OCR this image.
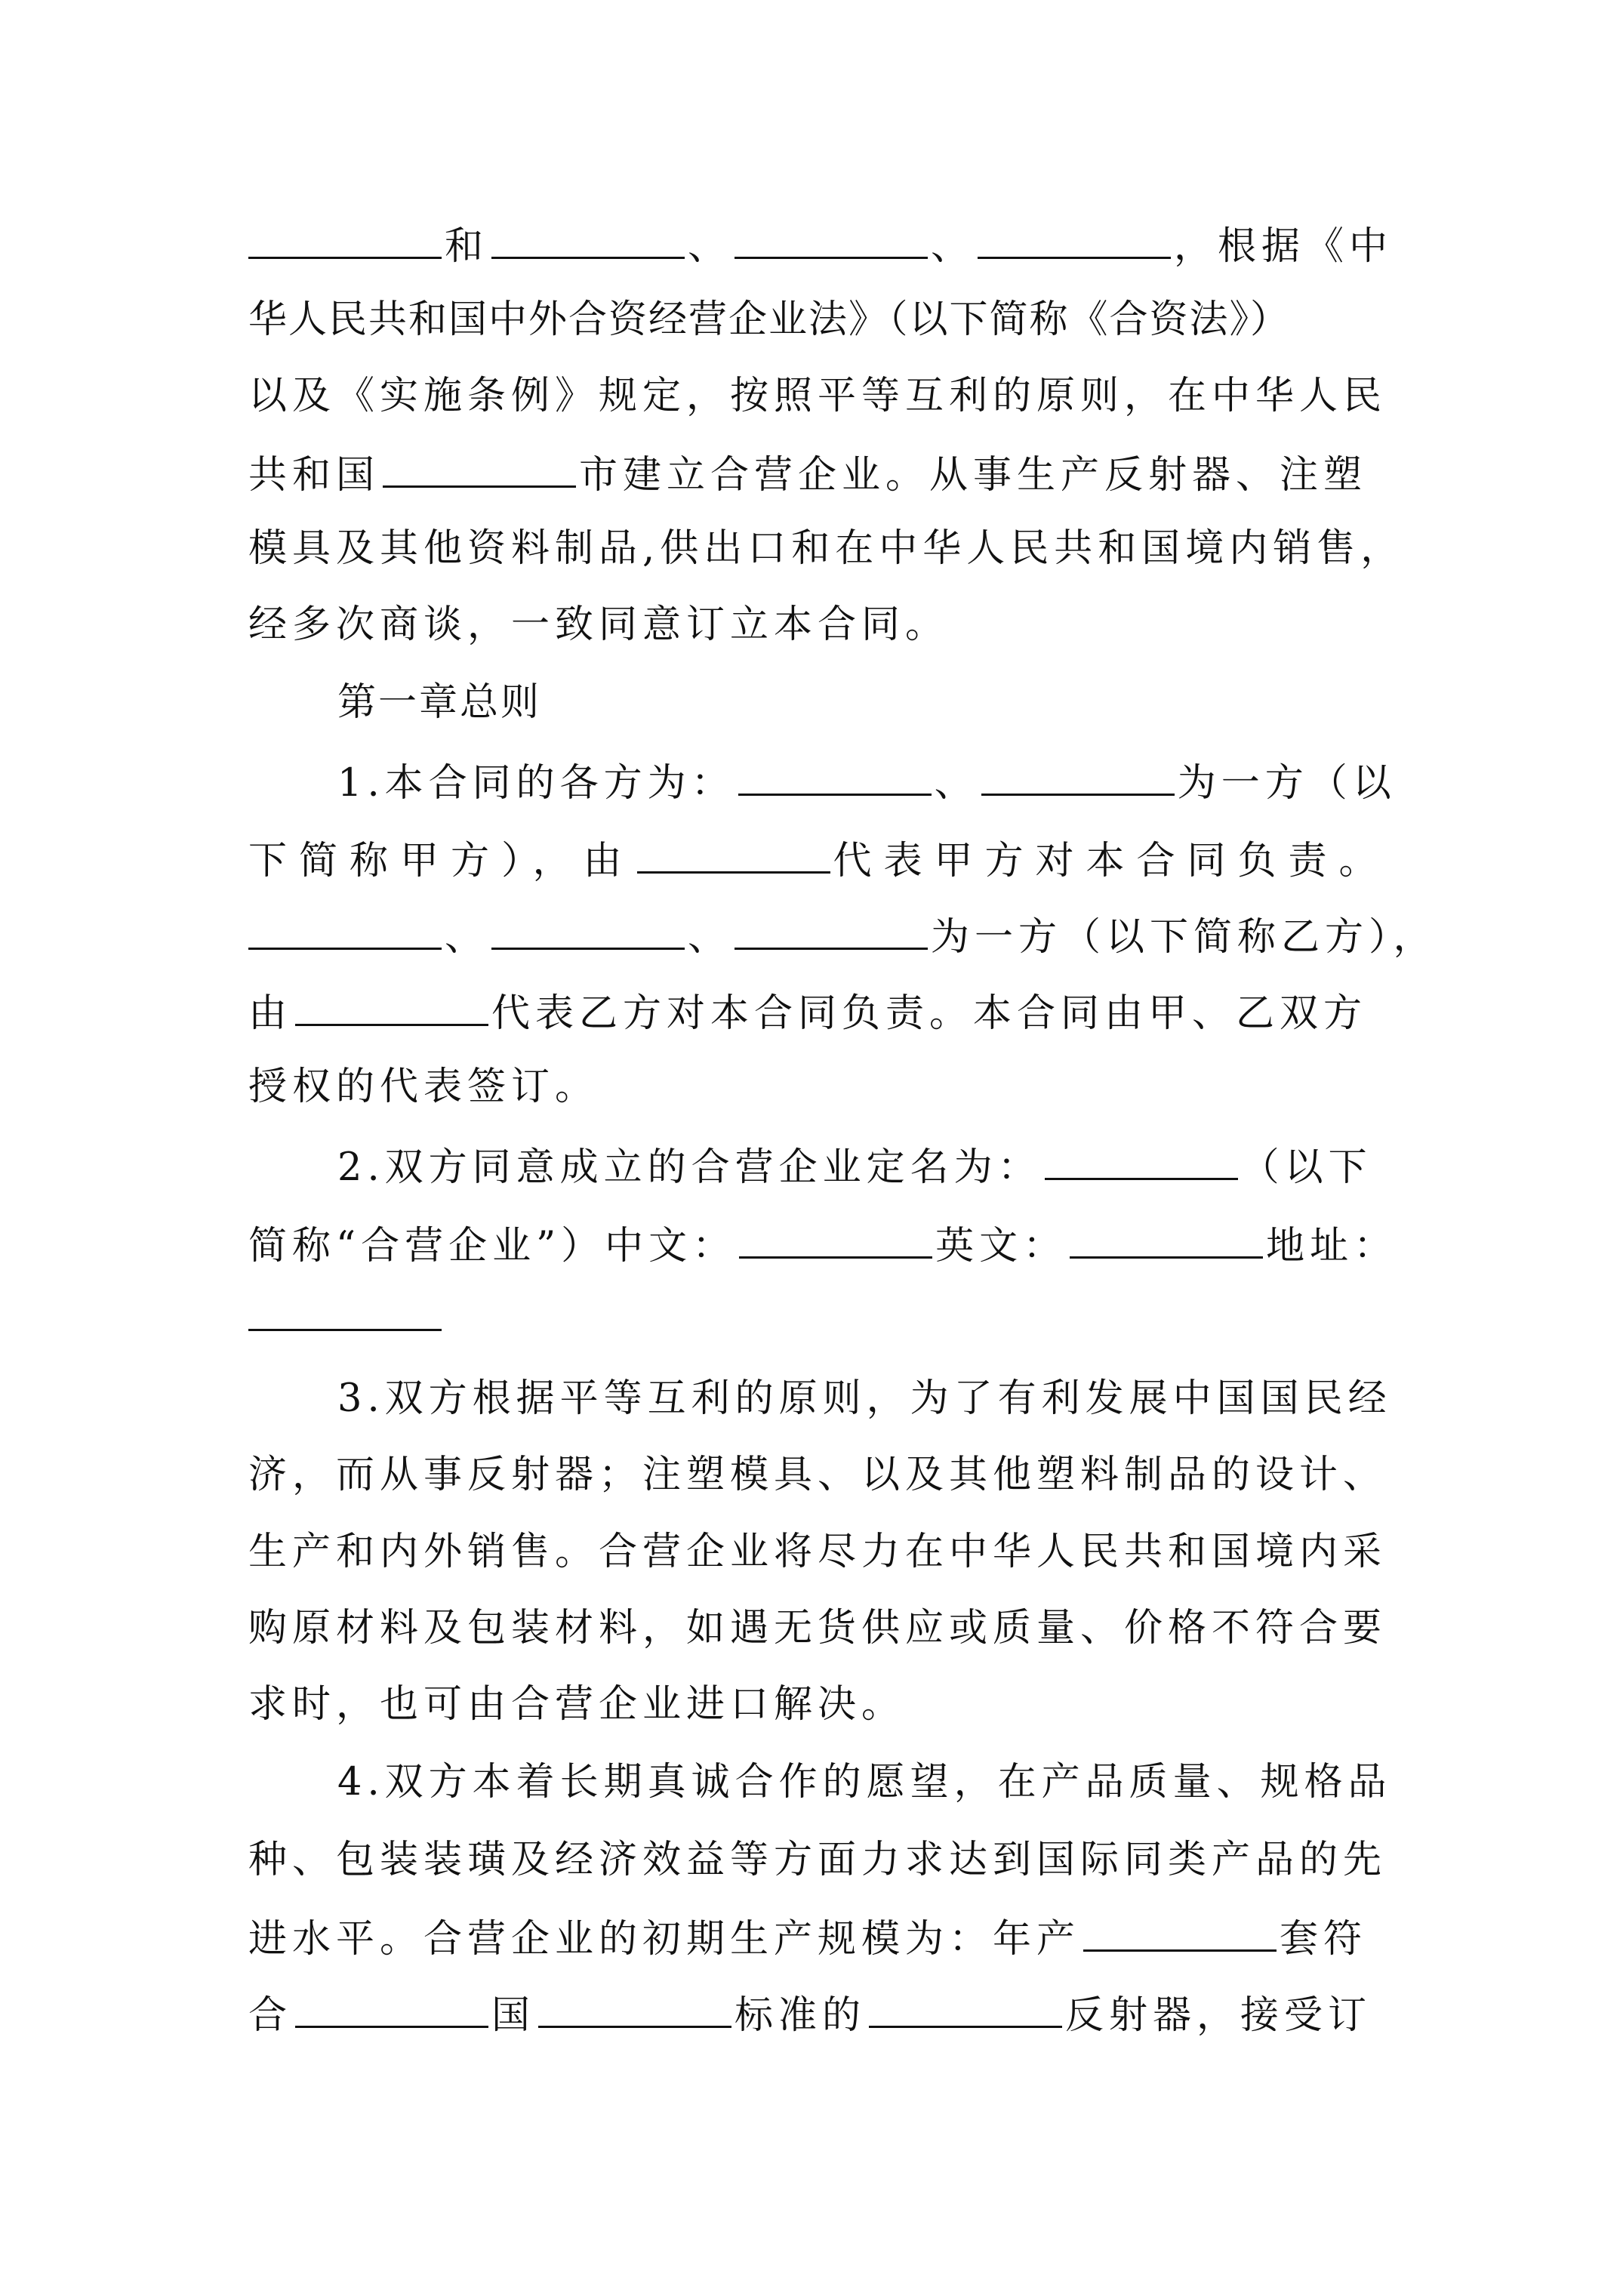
和	、	、	，根据《中
华人民共和国中外合资经营企业法》（以下简称《合资法》）
以及《实施条例》规定，按照平等互利的原则，在中华人民
共和国	市建立合营企业。从事生产反射器、注塑
模具及其他资料制品,供出口和在中华人民共和国境内销售，
经多次商谈，一致同意订立本合同。
第一章总则
1.本合同的各方为：	、	为一方（以
下简称甲方），由	代表甲方对本合同负责。
、	、	为一方（以下简称乙方），
由	代表乙方对本合同负责。本合同由甲、乙双方
授权的代表签订。
2.双方同意成立的合营企业定名为：	（以下
简称“合营企业”）中文：	英文：	地址：
3.双方根据平等互利的原则，为了有利发展中国国民经
济，而从事反射器；注塑模具、以及其他塑料制品的设计、
生产和内外销售。合营企业将尽力在中华人民共和国境内采
购原材料及包装材料，如遇无货供应或质量、价格不符合要
求时，也可由合营企业进口解决。
4.双方本着长期真诚合作的愿望，在产品质量、规格品
种、包装装璜及经济效益等方面力求达到国际同类产品的先
进水平。合营企业的初期生产规模为：年产	套符
合	国	标准的	反射器，接受订
